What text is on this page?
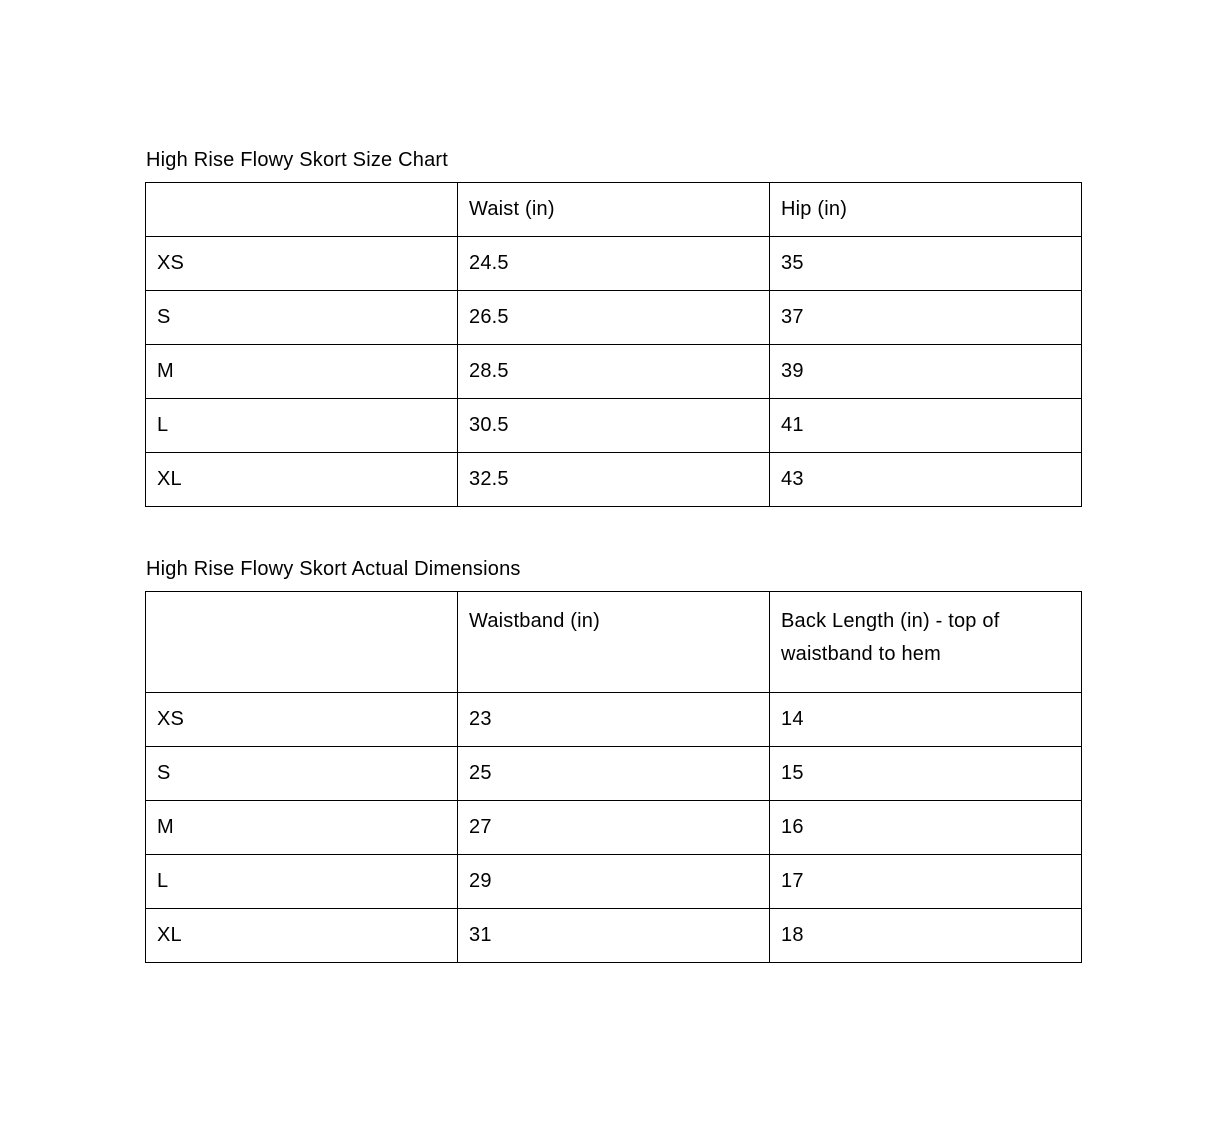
High Rise Flowy Skort Size Chart
	Waist (in)	Hip (in)
XS	24.5	35
S	26.5	37
M	28.5	39
L	30.5	41
XL	32.5	43
High Rise Flowy Skort Actual Dimensions
	Waistband (in)	Back Length (in) - top of waistband to hem
XS	23	14
S	25	15
M	27	16
L	29	17
XL	31	18
